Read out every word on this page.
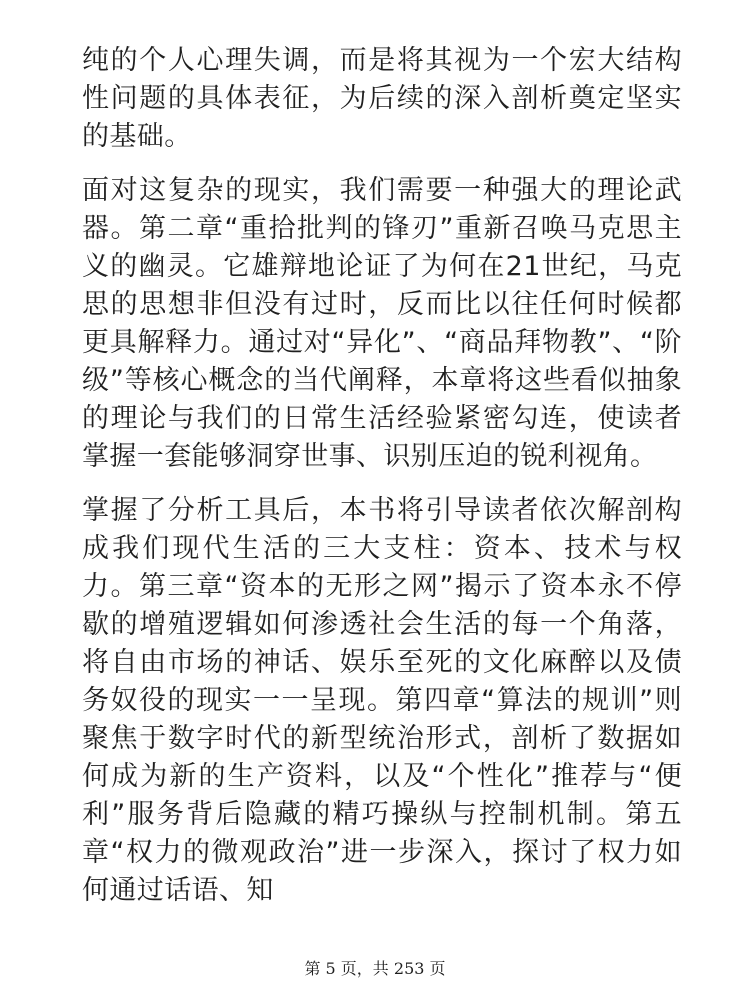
纯的个人心理失调，而是将其视为一个宏大结构性问题的具体表征，为后续的深入剖析奠定坚实的基础。

面对这复杂的现实，我们需要一种强大的理论武器。第二章“重拾批判的锋刃”重新召唤马克思主义的幽灵。它雄辩地论证了为何在21世纪，马克思的思想非但没有过时，反而比以往任何时候都更具解释力。通过对“异化”、“商品拜物教”、“阶级”等核心概念的当代阐释，本章将这些看似抽象的理论与我们的日常生活经验紧密勾连，使读者掌握一套能够洞穿世事、识别压迫的锐利视角。

掌握了分析工具后，本书将引导读者依次解剖构成我们现代生活的三大支柱：资本、技术与权力。第三章“资本的无形之网”揭示了资本永不停歇的增殖逻辑如何渗透社会生活的每一个角落，将自由市场的神话、娱乐至死的文化麻醉以及债务奴役的现实一一呈现。第四章“算法的规训”则聚焦于数字时代的新型统治形式，剖析了数据如何成为新的生产资料，以及“个性化”推荐与“便利”服务背后隐藏的精巧操纵与控制机制。第五章“权力的微观政治”进一步深入，探讨了权力如何通过话语、知

第 5 页，共 253 页
